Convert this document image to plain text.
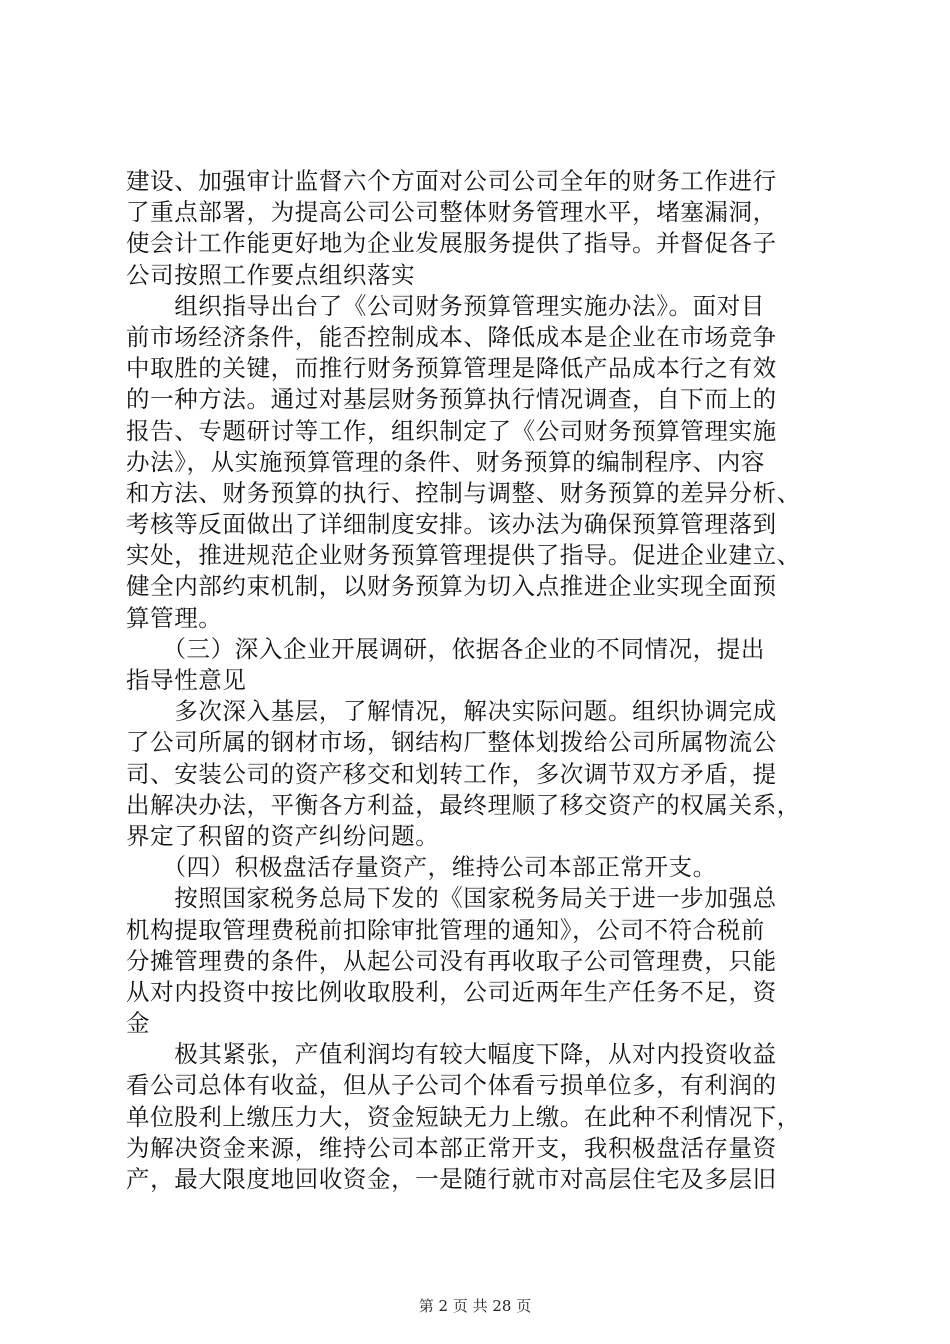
建设、加强审计监督六个方面对公司公司全年的财务工作进行
了重点部署，为提高公司公司整体财务管理水平，堵塞漏洞，
使会计工作能更好地为企业发展服务提供了指导。并督促各子
公司按照工作要点组织落实
　　组织指导出台了《公司财务预算管理实施办法》。面对目
前市场经济条件，能否控制成本、降低成本是企业在市场竞争
中取胜的关键，而推行财务预算管理是降低产品成本行之有效
的一种方法。通过对基层财务预算执行情况调查，自下而上的
报告、专题研讨等工作，组织制定了《公司财务预算管理实施
办法》，从实施预算管理的条件、财务预算的编制程序、内容
和方法、财务预算的执行、控制与调整、财务预算的差异分析、
考核等反面做出了详细制度安排。该办法为确保预算管理落到
实处，推进规范企业财务预算管理提供了指导。促进企业建立、
健全内部约束机制，以财务预算为切入点推进企业实现全面预
算管理。
　　（三）深入企业开展调研，依据各企业的不同情况，提出
指导性意见
　　多次深入基层，了解情况，解决实际问题。组织协调完成
了公司所属的钢材市场，钢结构厂整体划拨给公司所属物流公
司、安装公司的资产移交和划转工作，多次调节双方矛盾，提
出解决办法，平衡各方利益，最终理顺了移交资产的权属关系，
界定了积留的资产纠纷问题。
　　（四）积极盘活存量资产，维持公司本部正常开支。
　　按照国家税务总局下发的《国家税务局关于进一步加强总
机构提取管理费税前扣除审批管理的通知》，公司不符合税前
分摊管理费的条件，从起公司没有再收取子公司管理费，只能
从对内投资中按比例收取股利，公司近两年生产任务不足，资
金
　　极其紧张，产值利润均有较大幅度下降，从对内投资收益
看公司总体有收益，但从子公司个体看亏损单位多，有利润的
单位股利上缴压力大，资金短缺无力上缴。在此种不利情况下，
为解决资金来源，维持公司本部正常开支，我积极盘活存量资
产，最大限度地回收资金，一是随行就市对高层住宅及多层旧
第 2 页 共 28 页
